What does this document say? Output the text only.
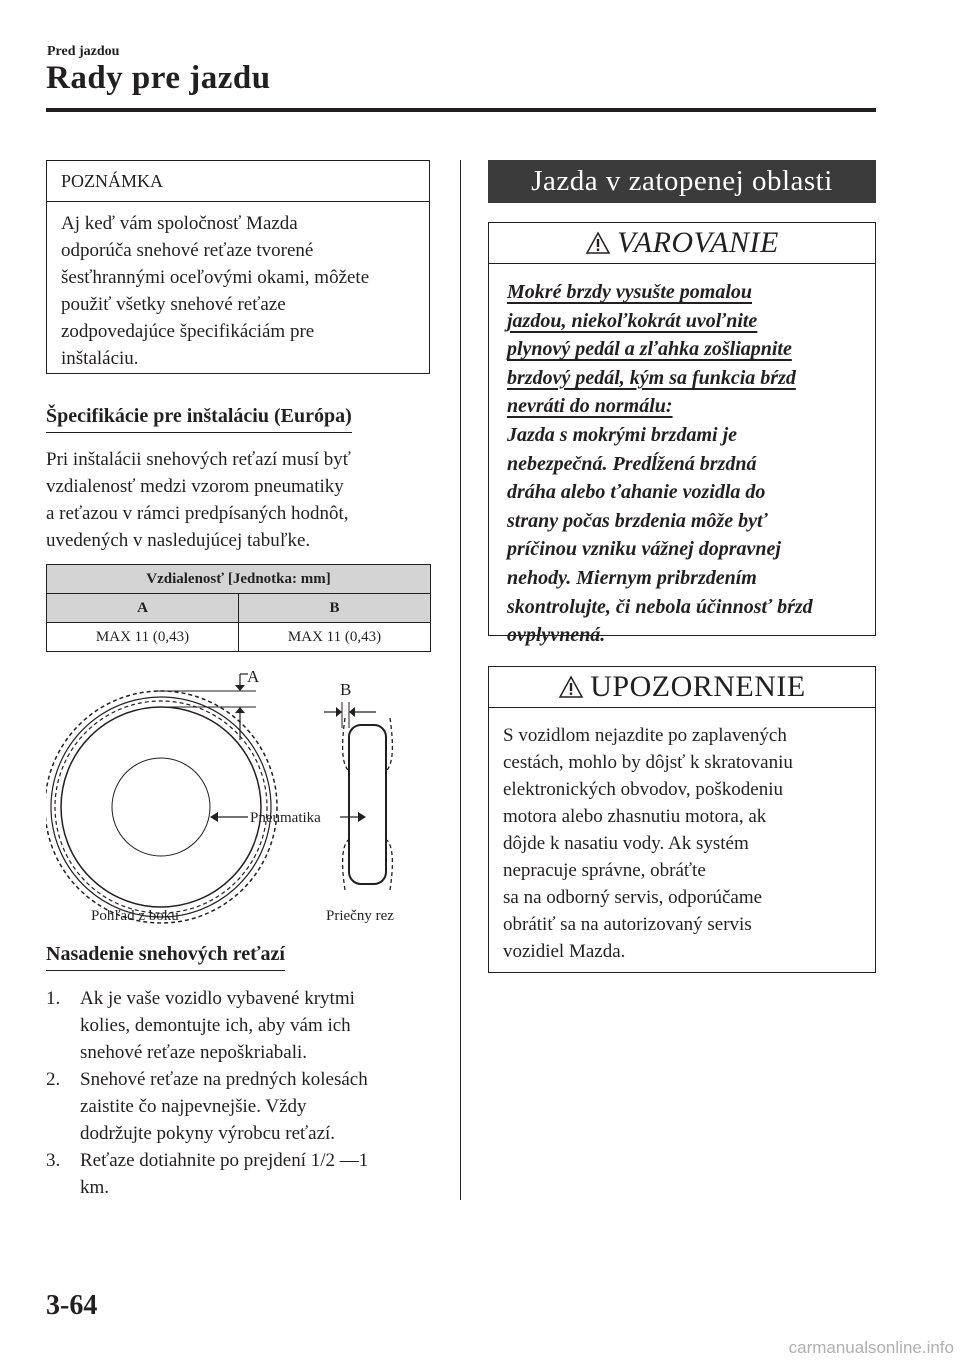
Pred jazdou
Rady pre jazdu
POZNÁMKA
Aj keď vám spoločnosť Mazda
odporúča snehové reťaze tvorené
šesťhrannými oceľovými okami, môžete
použiť všetky snehové reťaze
zodpovedajúce špecifikáciám pre
inštaláciu.
Špecifikácie pre inštaláciu (Európa)
Pri inštalácii snehových reťazí musí byť
vzdialenosť medzi vzorom pneumatiky
a reťazou v rámci predpísaných hodnôt,
uvedených v nasledujúcej tabuľke.
Vzdialenosť [Jednotka: mm]	
A	B
MAX 11 (0,43)	MAX 11 (0,43)
A
B
Pneumatika
Pohľad z boku	Priečny rez
Nasadenie snehových reťazí
1. Ak je vaše vozidlo vybavené krytmi
kolies, demontujte ich, aby vám ich
snehové reťaze nepoškriabali.
2. Snehové reťaze na predných kolesách
zaistite čo najpevnejšie. Vždy
dodržujte pokyny výrobcu reťazí.
3. Reťaze dotiahnite po prejdení 1/2 ―1
km.
Jazda v zatopenej oblasti
VAROVANIE
Mokré brzdy vysušte pomalou
jazdou, niekoľkokrát uvoľnite
plynový pedál a zľahka zošliapnite
brzdový pedál, kým sa funkcia bŕzd
nevráti do normálu:
Jazda s mokrými brzdami je
nebezpečná. Predĺžená brzdná
dráha alebo ťahanie vozidla do
strany počas brzdenia môže byť
príčinou vzniku vážnej dopravnej
nehody. Miernym pribrzdením
skontrolujte, či nebola účinnosť bŕzd
ovplyvnená.
UPOZORNENIE
S vozidlom nejazdite po zaplavených
cestách, mohlo by dôjsť k skratovaniu
elektronických obvodov, poškodeniu
motora alebo zhasnutiu motora, ak
dôjde k nasatiu vody. Ak systém
nepracuje správne, obráťte
sa na odborný servis, odporúčame
obrátiť sa na autorizovaný servis
vozidiel Mazda.
3-64
carmanualsonline.info
